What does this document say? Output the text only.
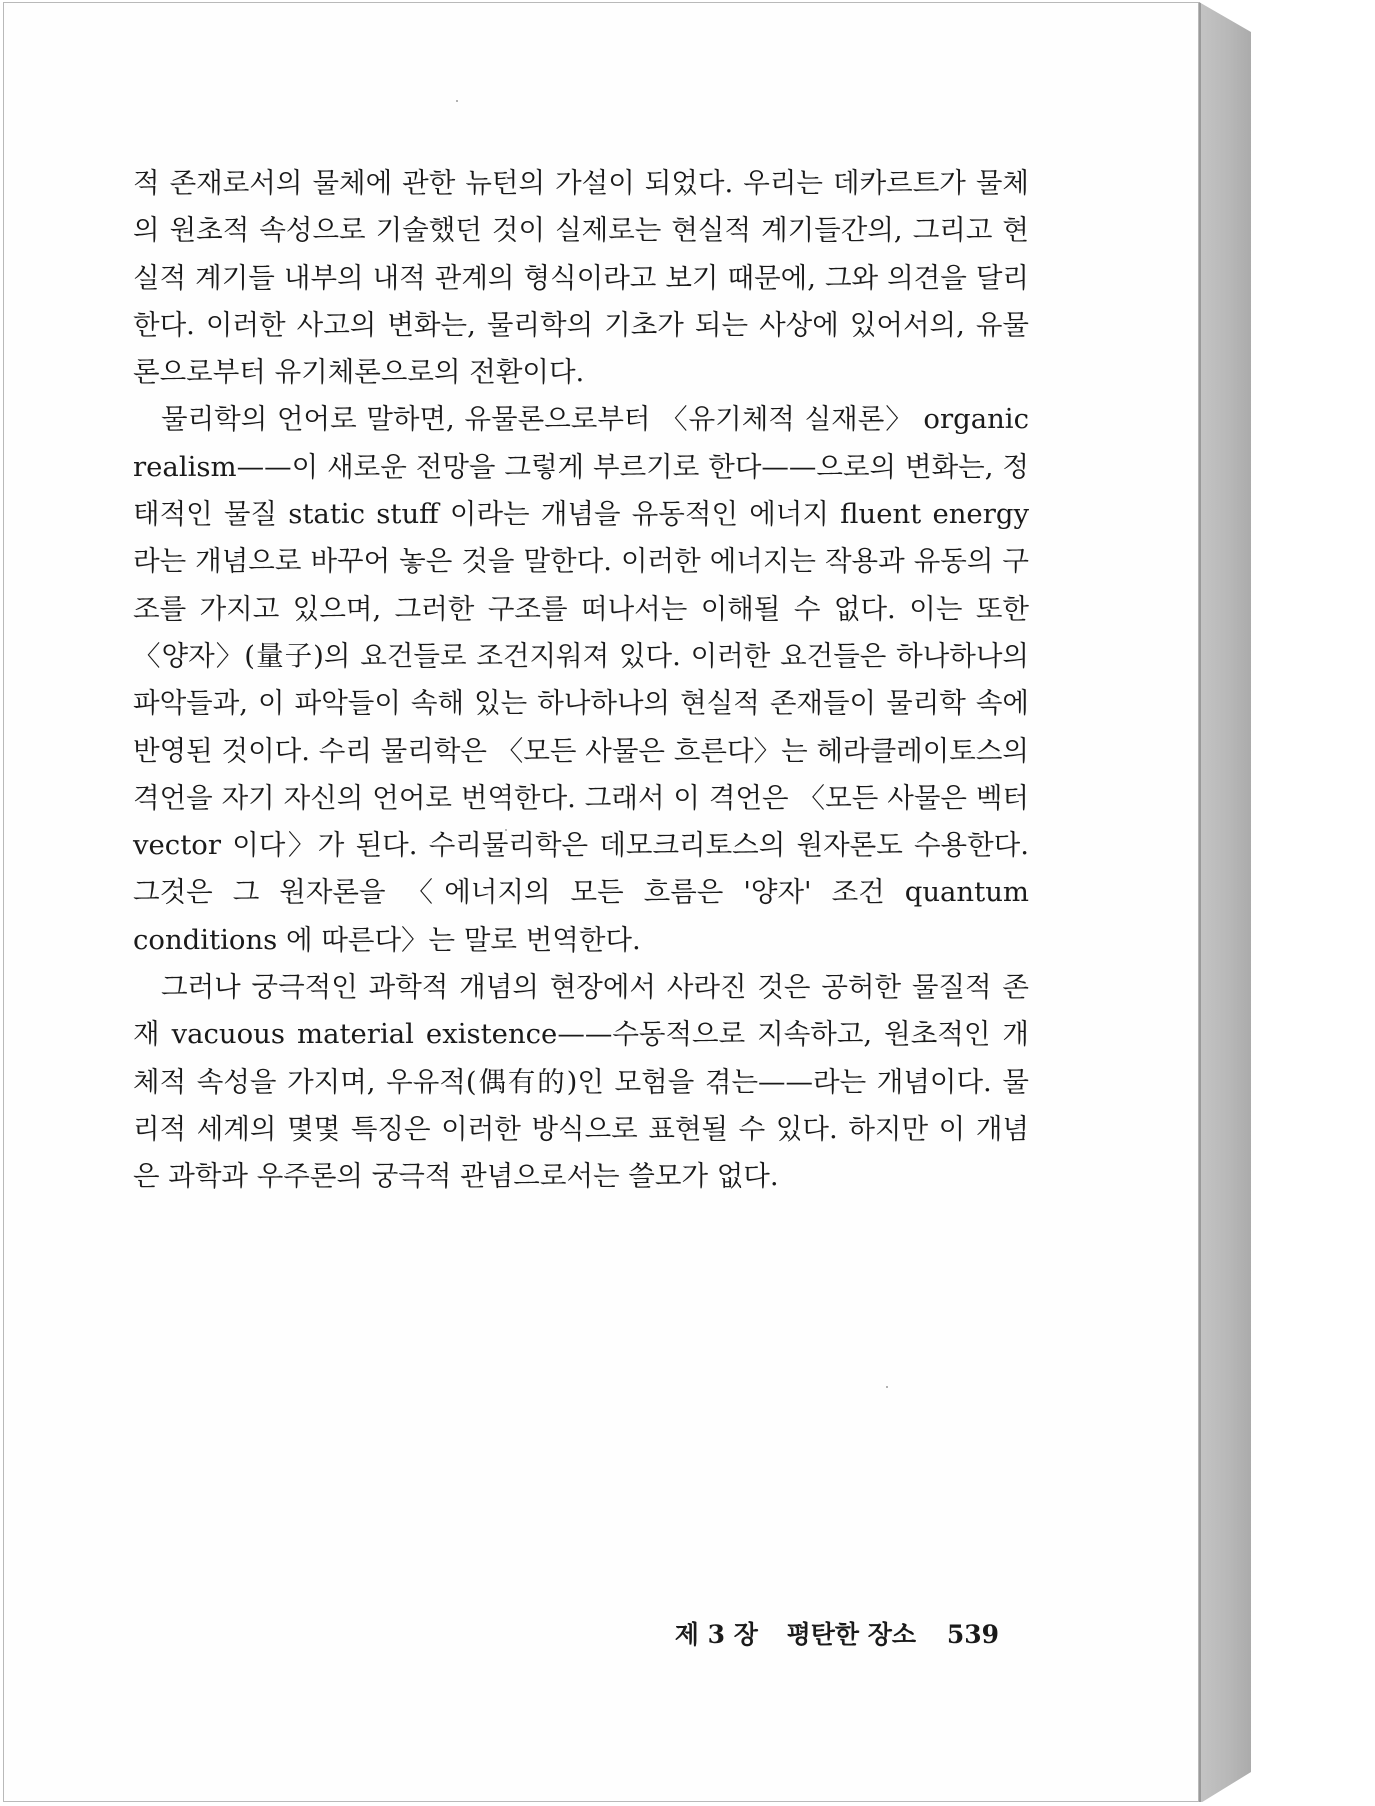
적 존재로서의 물체에 관한 뉴턴의 가설이 되었다. 우리는 데카르트가 물체의 원초적 속성으로 기술했던 것이 실제로는 현실적 계기들간의, 그리고 현실적 계기들 내부의 내적 관계의 형식이라고 보기 때문에, 그와 의견을 달리한다. 이러한 사고의 변화는, 물리학의 기초가 되는 사상에 있어서의, 유물론으로부터 유기체론으로의 전환이다.

물리학의 언어로 말하면, 유물론으로부터 〈유기체적 실재론〉 organic realism——이 새로운 전망을 그렇게 부르기로 한다——으로의 변화는, 정태적인 물질 static stuff 이라는 개념을 유동적인 에너지 fluent energy 라는 개념으로 바꾸어 놓은 것을 말한다. 이러한 에너지는 작용과 유동의 구조를 가지고 있으며, 그러한 구조를 떠나서는 이해될 수 없다. 이는 또한 〈양자〉(量子)의 요건들로 조건지워져 있다. 이러한 요건들은 하나하나의 파악들과, 이 파악들이 속해 있는 하나하나의 현실적 존재들이 물리학 속에 반영된 것이다. 수리 물리학은 〈모든 사물은 흐른다〉는 헤라클레이토스의 격언을 자기 자신의 언어로 번역한다. 그래서 이 격언은 〈모든 사물은 벡터 vector 이다〉가 된다. 수리물리학은 데모크리토스의 원자론도 수용한다. 그것은 그 원자론을 〈에너지의 모든 흐름은 '양자' 조건 quantum conditions 에 따른다〉는 말로 번역한다.

그러나 궁극적인 과학적 개념의 현장에서 사라진 것은 공허한 물질적 존재 vacuous material existence——수동적으로 지속하고, 원초적인 개체적 속성을 가지며, 우유적(偶有的)인 모험을 겪는——라는 개념이다. 물리적 세계의 몇몇 특징은 이러한 방식으로 표현될 수 있다. 하지만 이 개념은 과학과 우주론의 궁극적 관념으로서는 쓸모가 없다.

제 3 장 평탄한 장소 539
